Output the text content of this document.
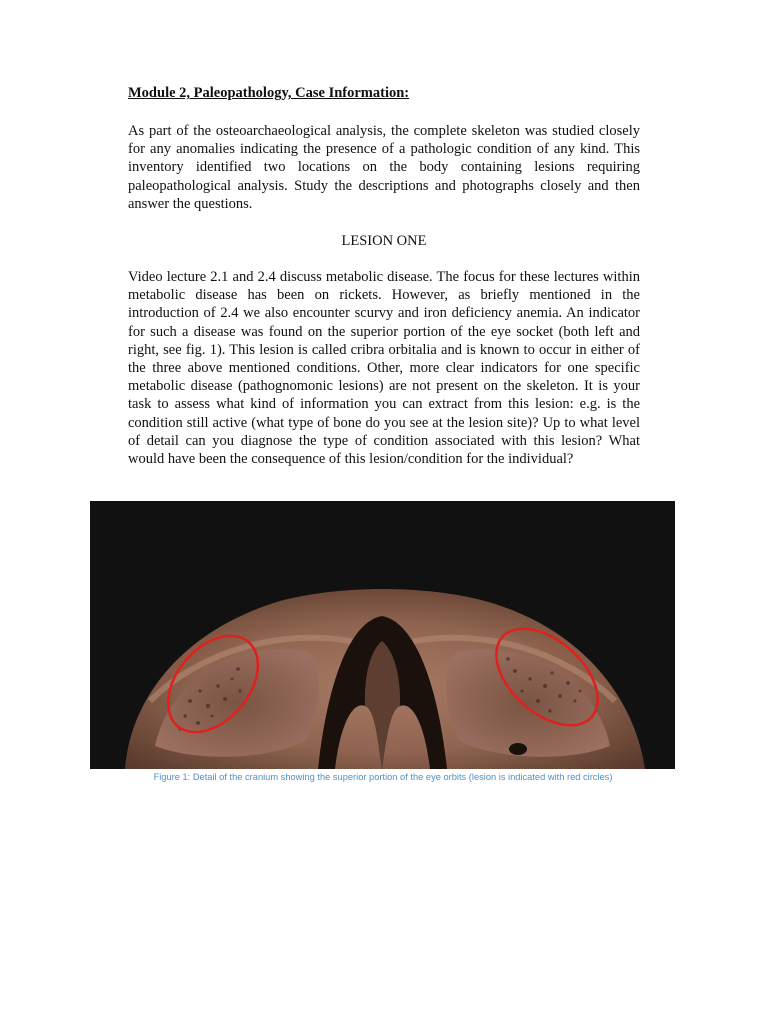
Module 2, Paleopathology, Case Information:

As part of the osteoarchaeological analysis, the complete skeleton was studied closely for any anomalies indicating the presence of a pathologic condition of any kind. This inventory identified two locations on the body containing lesions requiring paleopathological analysis. Study the descriptions and photographs closely and then answer the questions.

LESION ONE

Video lecture 2.1 and 2.4 discuss metabolic disease. The focus for these lectures within metabolic disease has been on rickets. However, as briefly mentioned in the introduction of 2.4 we also encounter scurvy and iron deficiency anemia. An indicator for such a disease was found on the superior portion of the eye socket (both left and right, see fig. 1). This lesion is called cribra orbitalia and is known to occur in either of the three above mentioned conditions. Other, more clear indicators for one specific metabolic disease (pathognomonic lesions) are not present on the skeleton. It is your task to assess what kind of information you can extract from this lesion: e.g. is the condition still active (what type of bone do you see at the lesion site)? Up to what level of detail can you diagnose the type of condition associated with this lesion? What would have been the consequence of this lesion/condition for the individual?

Figure 1: Detail of the cranium showing the superior portion of the eye orbits (lesion is indicated with red circles)
